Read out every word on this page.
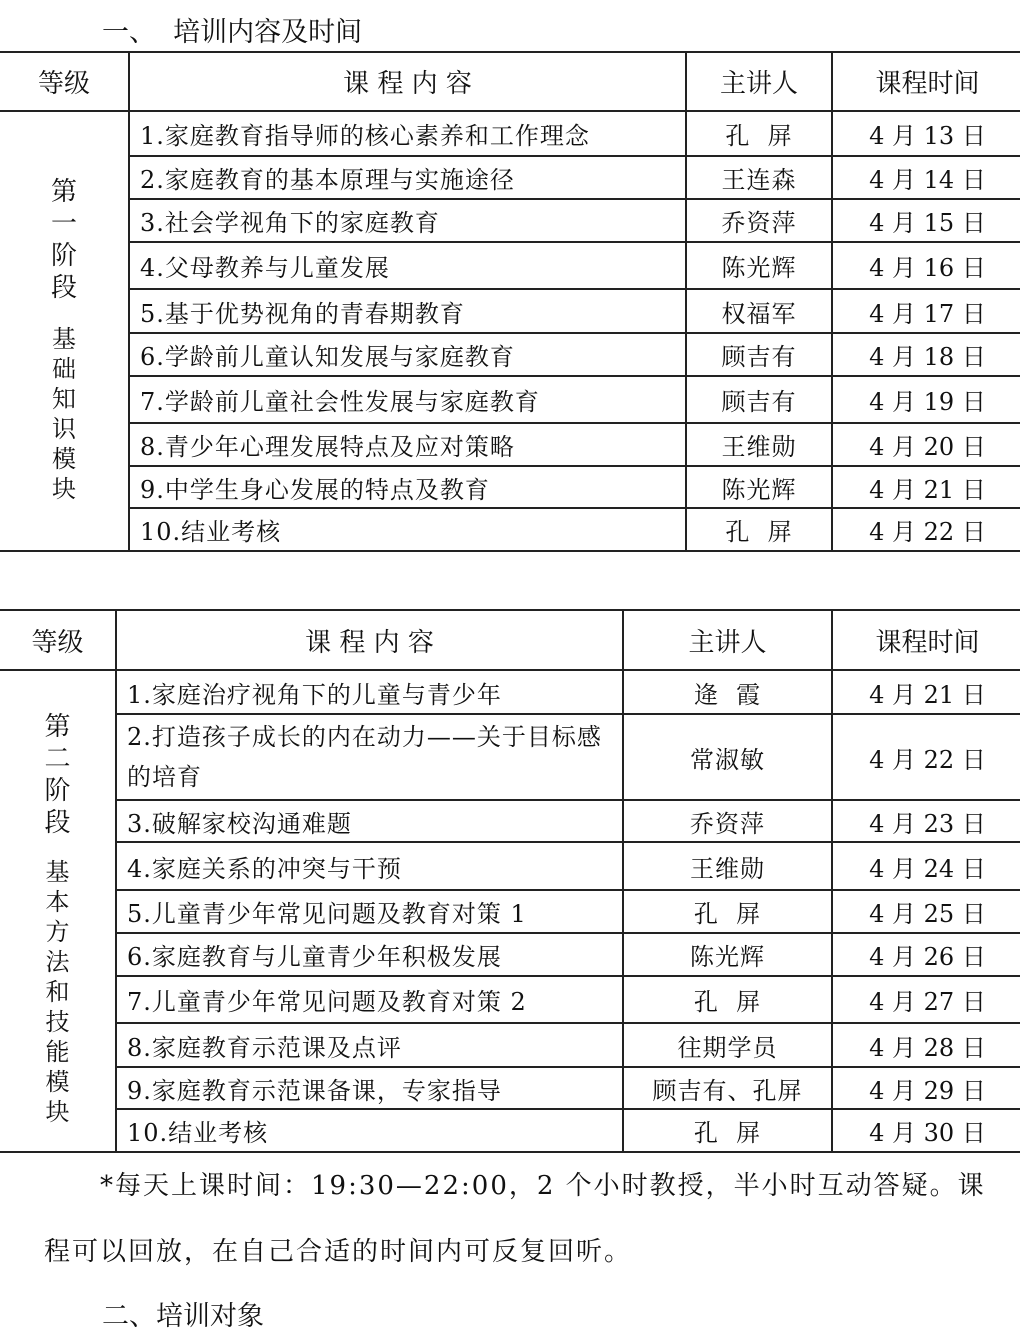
一、  培训内容及时间
等级	课 程 内 容	主讲人	课程时间
第一阶段
基础知识模块	1.家庭教育指导师的核心素养和工作理念	孔  屏	4 月 13 日
	2.家庭教育的基本原理与实施途径	王连森	4 月 14 日
	3.社会学视角下的家庭教育	乔资萍	4 月 15 日
	4.父母教养与儿童发展	陈光辉	4 月 16 日
	5.基于优势视角的青春期教育	权福军	4 月 17 日
	6.学龄前儿童认知发展与家庭教育	顾吉有	4 月 18 日
	7.学龄前儿童社会性发展与家庭教育	顾吉有	4 月 19 日
	8.青少年心理发展特点及应对策略	王维勋	4 月 20 日
	9.中学生身心发展的特点及教育	陈光辉	4 月 21 日
	10.结业考核	孔  屏	4 月 22 日
等级	课 程 内 容	主讲人	课程时间
第二阶段
基本方法和技能模块	1.家庭治疗视角下的儿童与青少年	逄  霞	4 月 21 日
	2.打造孩子成长的内在动力——关于目标感的培育	常淑敏	4 月 22 日
	3.破解家校沟通难题	乔资萍	4 月 23 日
	4.家庭关系的冲突与干预	王维勋	4 月 24 日
	5.儿童青少年常见问题及教育对策 1	孔  屏	4 月 25 日
	6.家庭教育与儿童青少年积极发展	陈光辉	4 月 26 日
	7.儿童青少年常见问题及教育对策 2	孔  屏	4 月 27 日
	8.家庭教育示范课及点评	往期学员	4 月 28 日
	9.家庭教育示范课备课，专家指导	顾吉有、孔屏	4 月 29 日
	10.结业考核	孔  屏	4 月 30 日
*每天上课时间：19:30—22:00，2 个小时教授，半小时互动答疑。课
程可以回放，在自己合适的时间内可反复回听。
二、培训对象
